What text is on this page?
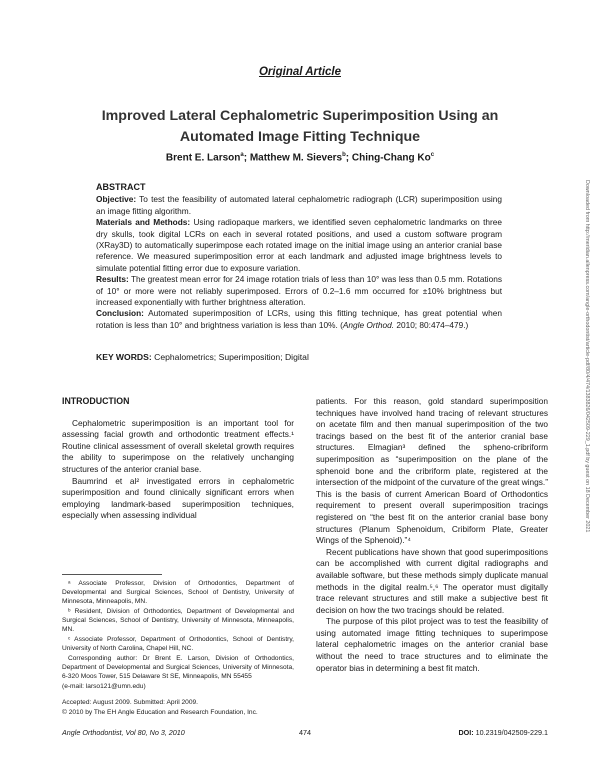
Original Article
Improved Lateral Cephalometric Superimposition Using an Automated Image Fitting Technique
Brent E. Larson$^a$; Matthew M. Sievers$^b$; Ching-Chang Ko$^c$
ABSTRACT

Objective: To test the feasibility of automated lateral cephalometric radiograph (LCR) superimposition using an image fitting algorithm.

Materials and Methods: Using radiopaque markers, we identified seven cephalometric landmarks on three dry skulls, took digital LCRs on each in several rotated positions, and used a custom software program (XRay3D) to automatically superimpose each rotated image on the initial image using an anterior cranial base reference. We measured superimposition error at each landmark and adjusted image brightness levels to simulate potential fitting error due to exposure variation.

Results: The greatest mean error for 24 image rotation trials of less than 10° was less than 0.5 mm. Rotations of 10° or more were not reliably superimposed. Errors of 0.2–1.6 mm occurred for ±10% brightness but increased exponentially with further brightness alteration.

Conclusion: Automated superimposition of LCRs, using this fitting technique, has great potential when rotation is less than 10° and brightness variation is less than 10%. (Angle Orthod. 2010; 80:474–479.)

KEY WORDS: Cephalometrics; Superimposition; Digital	Downloaded from http://meridian.allenpress.com/angle-orthodontist/article-pdf/80/4/474/1383826/042509-229_1.pdf by guest on 18 December 2021
INTRODUCTION

Cephalometric superimposition is an important tool for assessing facial growth and orthodontic treatment effects.¹ Routine clinical assessment of overall skeletal growth requires the ability to superimpose on the relatively unchanging structures of the anterior cranial base.

Baumrind et al² investigated errors in cephalometric superimposition and found clinically significant errors when employing landmark-based superimposition techniques, especially when assessing individual

patients. For this reason, gold standard superimposition techniques have involved hand tracing of relevant structures on acetate film and then manual superimposition of the two tracings based on the best fit of the anterior cranial base structures. Elmagian³ defined the spheno-cribriform superimposition as “superimposition on the plane of the sphenoid bone and the cribriform plate, registered at the intersection of the midpoint of the curvature of the great wings.” This is the basis of current American Board of Orthodontics requirement to present overall superimposition tracings registered on “the best fit on the anterior cranial base bony structures (Planum Sphenoidum, Cribiform Plate, Greater Wings of the Sphenoid).”⁴

Recent publications have shown that good superimpositions can be accomplished with current digital radiographs and available software, but these methods simply duplicate manual methods in the digital realm.⁵,⁶ The operator must digitally trace relevant structures and still make a subjective best fit decision on how the two tracings should be related.

The purpose of this pilot project was to test the feasibility of using automated image fitting techniques to superimpose lateral cephalometric images on the anterior cranial base without the need to trace structures and to eliminate the operator bias in determining a best fit match.

ᵃ Associate Professor, Division of Orthodontics, Department of Developmental and Surgical Sciences, School of Dentistry, University of Minnesota, Minneapolis, MN.

ᵇ Resident, Division of Orthodontics, Department of Developmental and Surgical Sciences, School of Dentistry, University of Minnesota, Minneapolis, MN.

ᶜ Associate Professor, Department of Orthodontics, School of Dentistry, University of North Carolina, Chapel Hill, NC.

Corresponding author: Dr Brent E. Larson, Division of Orthodontics, Department of Developmental and Surgical Sciences, University of Minnesota, 6-320 Moos Tower, 515 Delaware St SE, Minneapolis, MN 55455

(e-mail: larso121@umn.edu)

Accepted: August 2009. Submitted: April 2009.

© 2010 by The EH Angle Education and Research Foundation, Inc.

Angle Orthodontist, Vol 80, No 3, 2010	474	DOI: 10.2319/042509-229.1
